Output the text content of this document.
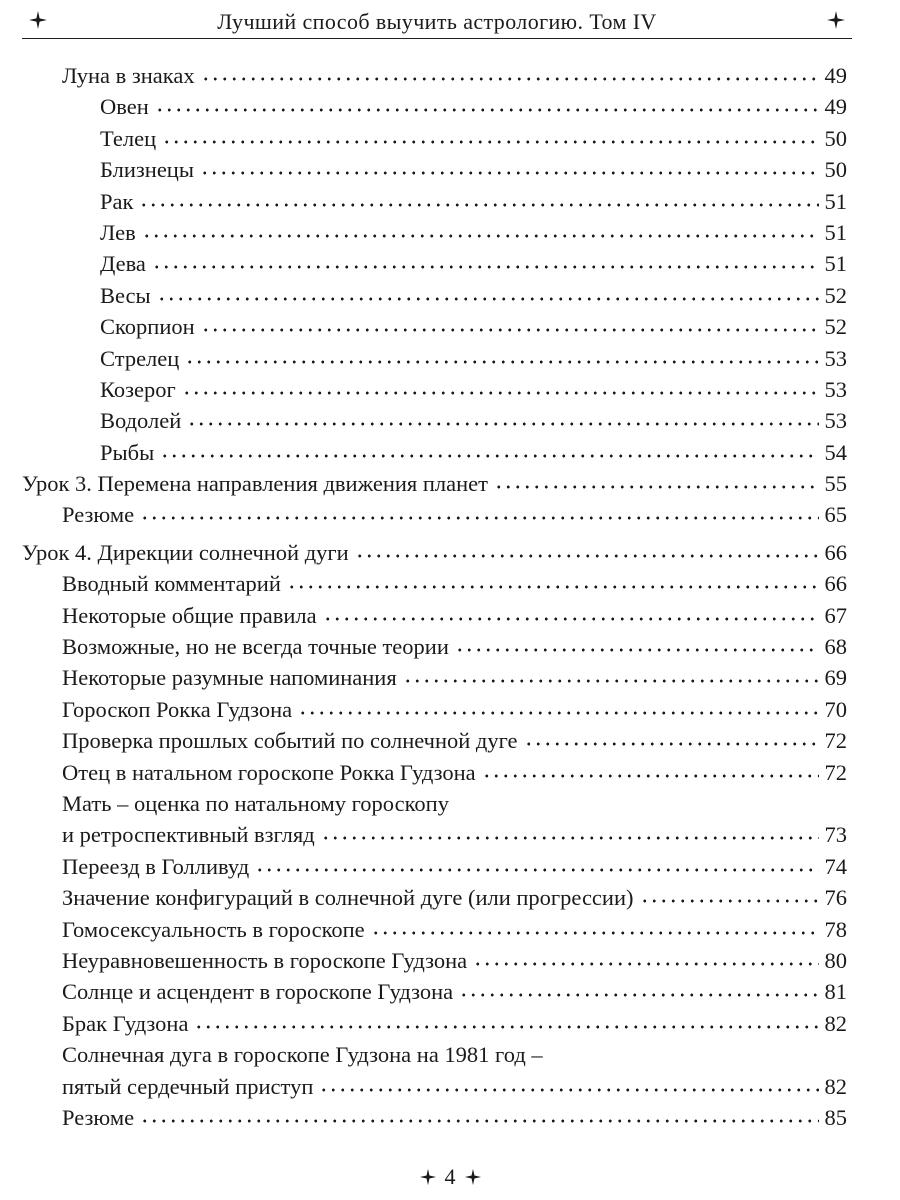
Лучший способ выучить астрологию. Том IV
Луна в знаках	49
Овен	49
Телец	50
Близнецы	50
Рак	51
Лев	51
Дева	51
Весы	52
Скорпион	52
Стрелец	53
Козерог	53
Водолей	53
Рыбы	54
Урок 3. Перемена направления движения планет	55
Резюме	65
Урок 4. Дирекции солнечной дуги	66
Вводный комментарий	66
Некоторые общие правила	67
Возможные, но не всегда точные теории	68
Некоторые разумные напоминания	69
Гороскоп Рокка Гудзона	70
Проверка прошлых событий по солнечной дуге	72
Отец в натальном гороскопе Рокка Гудзона	72
Мать – оценка по натальному гороскопу
и ретроспективный взгляд	73
Переезд в Голливуд	74
Значение конфигураций в солнечной дуге (или прогрессии)	76
Гомосексуальность в гороскопе	78
Неуравновешенность в гороскопе Гудзона	80
Солнце и асцендент в гороскопе Гудзона	81
Брак Гудзона	82
Солнечная дуга в гороскопе Гудзона на 1981 год –
пятый сердечный приступ	82
Резюме	85
4
